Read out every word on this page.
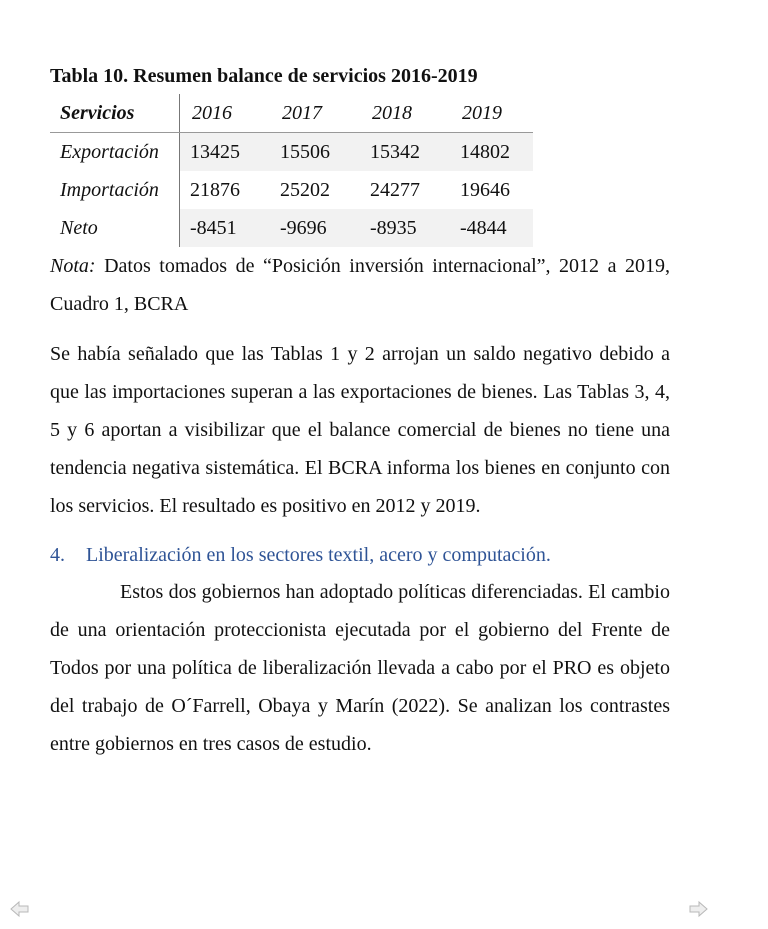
Tabla 10. Resumen balance de servicios 2016-2019
Servicios	2016	2017	2018	2019
Exportación	13425	15506	15342	14802
Importación	21876	25202	24277	19646
Neto	-8451	-9696	-8935	-4844

Nota: Datos tomados de “Posición inversión internacional”, 2012 a 2019, Cuadro 1, BCRA

Se había señalado que las Tablas 1 y 2 arrojan un saldo negativo debido a que las importaciones superan a las exportaciones de bienes. Las Tablas 3, 4, 5 y 6 aportan a visibilizar que el balance comercial de bienes no tiene una tendencia negativa sistemática. El BCRA informa los bienes en conjunto con los servicios. El resultado es positivo en 2012 y 2019.

4. Liberalización en los sectores textil, acero y computación.

Estos dos gobiernos han adoptado políticas diferenciadas. El cambio de una orientación proteccionista ejecutada por el gobierno del Frente de Todos por una política de liberalización llevada a cabo por el PRO es objeto del trabajo de O´Farrell, Obaya y Marín (2022). Se analizan los contrastes entre gobiernos en tres casos de estudio.
